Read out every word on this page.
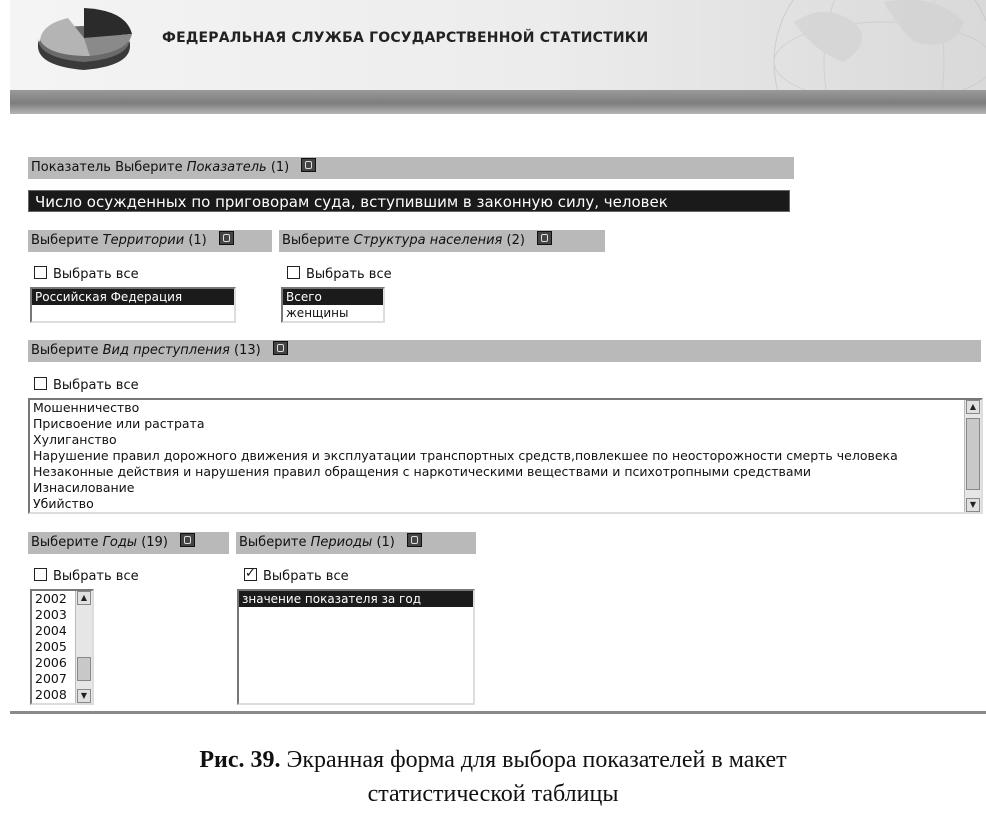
ФЕДЕРАЛЬНАЯ СЛУЖБА ГОСУДАРСТВЕННОЙ СТАТИСТИКИ
Показатель Выберите Показатель (1)
Число осужденных по приговорам суда, вступившим в законную силу, человек
Выберите Территории (1)
Выбрать все
Российская Федерация
Выберите Структура населения (2)
Выбрать все
Всего
женщины
Выберите Вид преступления (13)
Выбрать все
Мошенничество
Присвоение или растрата
Хулиганство
Нарушение правил дорожного движения и эксплуатации транспортных средств,повлекшее по неосторожности смерть человека
Незаконные действия и нарушения правил обращения с наркотическими веществами и психотропными средствами
Изнасилование
Убийство
▲
▼
Выберите Годы (19)
Выбрать все
2002
2003
2004
2005
2006
2007
2008
▲
▼
Выберите Периоды (1)
✓Выбрать все
значение показателя за год
Рис. 39. Экранная форма для выбора показателей в макет
статистической таблицы
